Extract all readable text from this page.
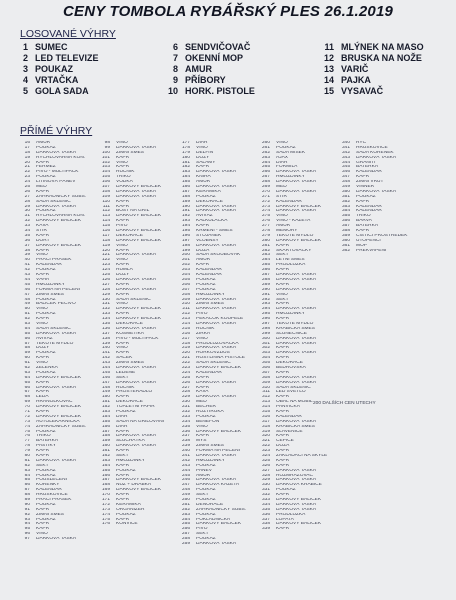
CENY TOMBOLA RYBÁŘSKÝ PLES 26.1.2019
LOSOVANÉ VÝHRY
1 SUMEC
2 LED TELEVIZE
3 POUKAZ
4 VRTAČKA
5 GOLA SADA
6 SENDVIČOVAČ
7 OKENNÍ MOP
8 AMUR
9 PŘÍBORY
10 HORK. PISTOLE
11 MLÝNEK NA MASO
12 BRUSKA NA NOŽE
13 VARIČ
14 PAJKA
15 VYSAVAČ
PŘÍMÉ VÝHRY
16 AMUR
17 POUKAZ
18 DARKOVÁ TAŠKA
19 RYCHLOVARNÁ KON.
20 KAPR
21 FERMEŽ
22 PIVO - MULTIPACK
23 POUKAZ
24 LITINOVÁ PÁNEV
25 MED
26 KAPR
27 ZAHRADNICKÝ SUBS.
28 SADA SKLENIC
29 DÁRKOVÁ TAŠKA
30 POUKAZ
31 RYCHLOVARNÁ KON.
32 DÁRKOVÝ BALÍČEK
33 KÁVA
34 ŠTÍR
35 KAPR
36 DORT
37 DÁRKOVÝ BALÍČEK
38 KAPR
39 VÍNO
40 PRACÍ PRÁŠEK
41 KALENDÁŘ
42 POUKAZ
43 KAPR
44 VÁHA
45 HMOZDINKY
46 FORMA NA PEČENÍ
47 ZIMNÍ SMĚS
48 POUKAZ
49 BALÍČEK PECIVO
50 VÍNO
51 POUKAZ
52 KAPR
53 VÍNO
54 SADA SKLENIC
55 DÁRKOVÁ TAŠKA
56 AVIVÁŽ
57 TEKUTÉ MÝDLO
58 DOZY
59 POUKAZ
60 KAPR
61 VÍNO
62 ZELENKA
63 POUKAZ
64 DÁRKOVÝ BALÍČEK
65 KAPR
66 DÁRKOVÁ TAŠKA
67 KAPR
68 LEDA
69 HRANOLKOVAČ
70 DÁRKOVÝ BALÍČEK
71 KAPR
72 DÁRKOVÝ BALÍČEK
73 AUTOLÉKARNIČKA
74 ZAHRADNICKÝ SUBS.
75 POUKAZ
76 TRIKO
77 BATERKA
78 PASTIKY
79 KAPR
80 KAPR
81 DÁRKOVÁ TAŠKA
82 SEKT
83 POUKAZ
84 POUKAZ
85 POUŠLECENÍ
86 KORENKY
87 KALENDÁŘ
88 HRUŠKOVICE
89 PRACÍ PRÁŠEK
90 POUKAZ
91 KAPR
92 ZIMNÍ SMĚS
93 POUKAZ
94 KAPR
95 KAPR
96 VÍNO
97 DÁRKOVÁ TAŠKA
98 VÍNO
99 DÁRKOVÁ TAŠKA
100 ZIMNÍ SMĚS
101 KAPR
102 VÍNO
103 KAPR
104 RUČNÍK
105 TRIKO
106 VODKA
107 DÁRKOVÝ BALÍČEK
108 DÁRKOVÁ TAŠKA
109 DÁRKOVÁ TAŠKA
110 KAPR
111 KAPR
112 BOST NA GRIL
113 DÁRKOVÝ BALÍČEK
114 KAPR
115 PIVO
116 DÁRKOVÝ BALÍČEK
117 DEKORACE
118 DÁRKOVÝ BALÍČEK
119 VÍNO
120 KAPR
121 DÁRKOVÁ TAŠKA
122 VÍNO
123 KAPR
124 RUMLA
125 DOZY
126 DÁRKOVÁ TAŠKA
127 KAPR
128 DÁRKOVÁ TAŠKA
129 KAPR
130 SADA SKLENIC
131 VÍNO
132 DÁRKOVÝ BALÍČEK
133 KAPR
134 DÁRKOVÝ BALÍČEK
135 DEKORACE
136 DÁRKOVÁ TAŠKA
137 KOSMETIKA
138 PIVO - MULTIPACK
139 KAPR
140 VÍNO
141 KAPR
142 SÁČEK
143 ZIMNÍ SMĚS
144 DÁRKOVÁ TAŠKA
145 LEDENÉ
146 SEKT
147 DÁRKOVÁ TAŠKA
148 RUČNÍK
149 PROSTĚRADLO
150 KAPR
151 DEKORACE
152 TOALETNÍ PAPÍR
153 POUKAZ
154 DIÁŘ
155 SADA NA GRILOVÁNÍ
156 DIÁŘ
157 KAPR
158 DÁRKOVÁ TAŠKA
159 SLUCHÁTKA
160 DÁRKOVÁ TAŠKA
161 KAPR
162 SEKT
163 HMOZDINKY
164 KAPR
165 POUKAZ
166 KAPR
167 DÁRKOVÝ BALÍČEK
168 NŮŽ + DRABKA
169 DÁRKOVÝ BALÍČEK
170 KAPR
171 KAPR
172 KERAMIKA
173 ORGANIZÉR
174 POUKAZ
175 KAPR
176 KONVICE
177 DIÁŘ
178 VÍNO
179 DELFÍN
180 DOZY
181 SALÁMY
182 KAPR
183 DÁRKOVÁ TAŠKA
184 KNIHA
185 AMUR
186 DÁRKOVÁ TAŠKA
187 KERAMIKA
188 POUKAZ
189 DEKORACE
190 DÁRKOVÁ TAŠKA
191 DÁRKOVÁ TAŠKA
192 AVIVÁŽ
193 KALKULAČKA
194 KAPR
195 KRMENÍ - SMĚS
196 STOJÁNEK
197 VLOBNSY
198 DÁRKOVÁ TAŠKA
199 DÓZA
200 SADA SKOUBOVÁK
201 AMUR
202 KAPR
203 KALENDÁŘ
204 KALENDÁŘ
205 POUKAZ
206 POUKAZ
207 POUKAZ
208 HMOZDINKY
209 DÁRKOVÁ TAŠKA
210 ZIMNÍ SMĚS
211 DÁRKOVÁ TAŠKA
212 PIVO
213 PEKAČOK KOUPELE
214 DÁRKOVÁ TAŠKA
215 RUČNÍK
216 ZÍRKA
217 VÍNO
218 PRODLUŽOVAČKA
219 DÁRKOVÁ TAŠKA
220 HORKOVZDUŠ
221 ROSTLINNÁ PISTOLE
222 SADA SKLENIC
223 DÁRKOVÝ BALÍČEK
224 KALENDÁŘ
225 KAPR
226 DÁRKOVÁ TAŠKA
227 KAPR
228 KÁVA
229 DÁRKOVÁ TAŠKA
230 MED
231 BECHER
232 ROZTIRUKA
233 POUKAZ
234 BENEFON
235 VÍNO
236 DÁRKOVÝ BALÍČEK
237 KAPR
238 MÝS
239 ZIMNÍ SMĚS
240 FORMA NA PEČENÍ
241 DÁRKOVÁ TAŠKA
242 HMOZDINKY
243 POUKAZ
244 PANEV
245 AMUR
246 DÁRKOVÁ TAŠKA
247 DÁRKOVÁ KAZETA
248 POUKAZ
249 SEKT
250 POUKAZ
251 DENORACE
252 ZAHRADNICKÝ SUBS.
253 POUKAZ
254 POKLADNIČKA
255 DÁRKOVÝ BALÍČEK
256 PIVO
257 SEKT
258 POUKAZ
259 DÁRKOVÁ TAŠKA
260 VÍNO
261 POUKAZ
262 SADA MISEK
263 AJAX
264 DIÁŘ
265 FORMILA
266 DÁRKOVÁ TAŠKA
267 HMOZDINKY
268 DÁRKOVÁ TAŠKA
269 MED
270 DÁRKOVÁ TAŠKA
271 ŠTÍR
272 KALENDÁŘ
273 DÁRKOVÝ BALÍČEK
274 DÁRKOVÁ TAŠKA
275 VÍNO
276 VÍNO - KAZETA
277 AMUR
278 MEMORY
279 TEKUTÉ MÝDLO
280 DÁRKOVÝ BALÍČEK
281 KAPR
282 SKARTOVAČKY
283 SEKT
284 LETNÍ SMĚS
285 PRODLUŽKA
286 KAPR
287 DÁRKOVÁ TAŠKA
288 DÁRKOVÁ TAŠKA
289 KAPR
290 DÁRKOVÁ TAŠKA
291 VÍNO
292 SEKT
293 KAPR
294 DÁRKOVÁ TAŠKA
295 HMOZDINKY
296 KAPR
297 TEKUTÉ MÝDLO
298 KRABIČKA SMĚS
299 SLUNEČNICE
300 DÁRKOVÁ TAŠKA
301 DÁRKOVÁ TAŠKA
302 KAPR
303 DÁRKOVÁ TAŠKA
304 KAPR
305 DEKORACE
306 BEDROVSKÁ
307 KAPR
308 DÁRKOVÁ TAŠKA
309 DÁRKOVÁ TAŠKA
310 SADA SKLENIC
311 LED SVĚTLO
312 KAPR
313 OBAL NA MOBIL
314 PANVIČKA
315 KAPR
316 KALENDÁŘ
317 DÁRKOVÁ TAŠKA
318 KRABIČKA SMĚS
319 SLAVĚNICE
320 KAPR
321 CEPICE
322 DÓZA
323 KAPR
324 ZAKLÁDACÍ NA SKYLE
325 KAPR
326 KAPR
327 DÁRKOVÁ TAŠKA
328 ROZMRAZOVAČ
329 DÁRKOVÁ TAŠKA
330 DÁRKOVÁ KRABICE
331 POUKAZ
332 KAPR
333 DÁRKOVÝ BALÍČEK
334 DÁRKOVÁ TAŠKA
335 DÁRKOVÁ TAŠKA
336 PRODLUŽKA
337 LOPATA
338 DÁRKOVÝ BALÍČEK
339 KAPR
340 RYC
341 HRUŠKOVICE
342 SADA KORENEK
343 DÁRKOVÁ TAŠKA
344 GRANITI
345 BATERKA
346 KALENDÁŘ
347 KAPR
348 ZIMNÍ VRUT
349 VÍNNÉR
350 DÁRKOVÁ TAŠKA
351 POUKAZ
352 KAPR
353 KALENDÁŘ
354 KALENDÁŘ
355 TRIKO
356 BARVA
357 BATERKA
358 KAPR
359 ČISTICÍ PROSTŘEDEK
360 UTOPENCI
361 MOP
362 PŘEKVAPENÍ
200 DALŠÍCH CEN UTECHY
